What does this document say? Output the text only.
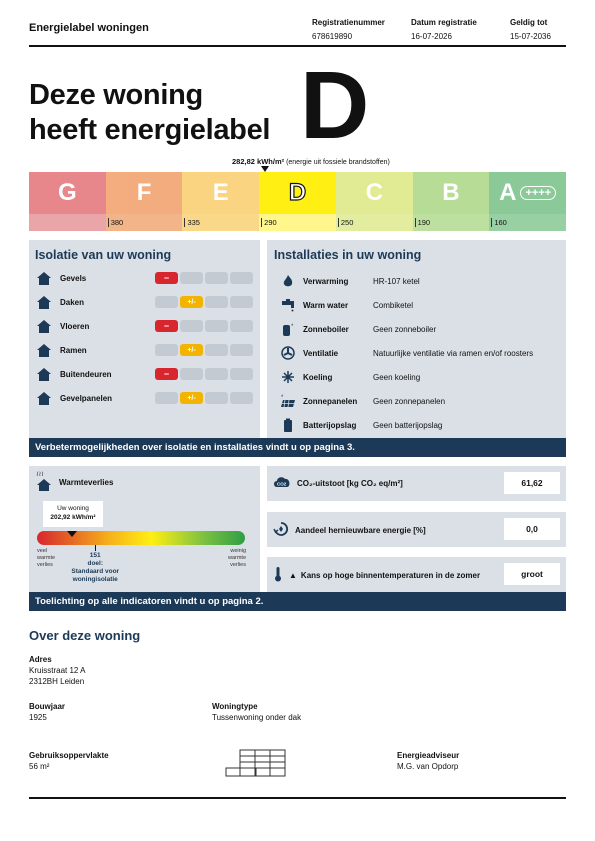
Energielabel woningen	Registratienummer
678619890
Datum registratie
16-07-2026
Geldig tot
15-07-2036
Deze woning
heeft energielabel D
282,82 kWh/m² (energie uit fossiele brandstoffen)
G	F	E	D C B A ++++
380	335	290	250	190	160
Isolatie van uw woning
Gevels	−
Daken	+/-
Vloeren	−
Ramen	+/-
Buitendeuren	−
Gevelpanelen	+/-
Installaties in uw woning
Verwarming	HR-107 ketel
Warm water	Combiketel
* Zonneboiler	Geen zonneboiler
Ventilatie	Natuurlijke ventilatie via ramen en/of roosters
Koeling	Geen koeling
* Zonnepanelen	Geen zonnepanelen
Batterijopslag	Geen batterijopslag
Verbetermogelijkheden over isolatie en installaties vindt u op pagina 3.
≀≀≀
Warmteverlies
Uw woning
202,92 kWh/m²
veel
warmte
verlies
weinig
warmte
verlies
151
doel:
Standaard voor
woningisolatie
CO2 CO₂-uitstoot [kg CO₂ eq/m²]	61,62
Aandeel hernieuwbare energie [%]	0,0
▲ Kans op hoge binnentemperaturen in de zomer	groot
Toelichting op alle indicatoren vindt u op pagina 2.
Over deze woning
Adres
Kruisstraat 12 A
2312BH Leiden
Bouwjaar
1925
Woningtype
Tussenwoning onder dak
Gebruiksoppervlakte
56 m²
Energieadviseur
M.G. van Opdorp
